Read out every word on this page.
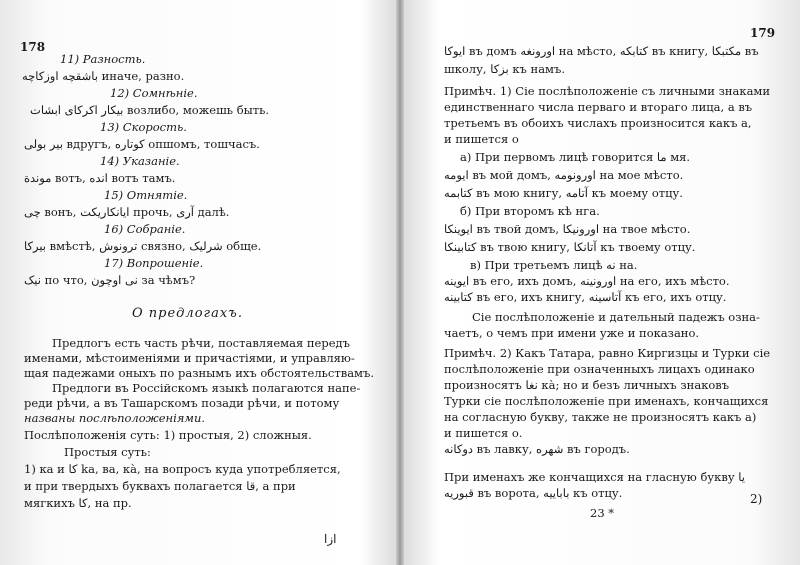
178
11) Разность.
باشقچه اوزکاچه иначе, разно.
12) Сомнѣніе.
بیکار اکرکای ابشات возлибо, можешь быть.
13) Скорость.
بیر بولی вдругъ, کوتاره опшомъ, тошчасъ.
14) Указаніе.
موندة вотъ, انده вотъ тамъ.
15) Отнятіе.
چی вонъ, ایانکاریکت прочь, آری далѣ.
16) Собраніе.
بیرکا вмѣстѣ, ترونوش связно, شرلیک обще.
17) Вопрошеніе.
نیک по что, نی اوچون за чѣмъ?
О предлогахъ.
Предлогъ есть часть рѣчи, поставляемая передъ
именами, мѣстоименіями и причастіями, и управляю-
щая падежами оныхъ по разнымъ ихъ обстоятельствамъ.
Предлоги въ Россійскомъ языкѣ полагаются напе-
реди рѣчи, а въ Ташарскомъ позади рѣчи, и потому
названы послѣположеніями.
Послѣположенія суть: 1) простыя, 2) сложныя.
Простыя суть:
1) ка и كا kа, ва, кà, на вопросъ куда употребляется,
и при твердыхъ буквахъ полагается قا, а при
мягкихъ كا, на пр.
ازا
179
ایوکا въ домъ اورونغه на мѣсто, کتابکه въ книгу, مکتبکا въ
школу, بزکا къ намъ.
Примѣч. 1) Сіе послѣположеніе съ личными знаками
единственнаго числа перваго и втораго лица, а въ
третьемъ въ обоихъ числахъ произносится какъ а,
и пишется о
а) При первомъ лицѣ говорится ما мя.
ایومه въ мой домъ, اورونومه на мое мѣсто.
کتابمه въ мою книгу, آتامه къ моему отцу.
б) При второмъ кѣ нга.
ایوینکا въ твой домъ, اورونیکا на твое мѣсто.
کتابینکا въ твою книгу, آتانکا къ твоему отцу.
в) При третьемъ лицѣ نه на.
ایوینه въ его, ихъ домъ, اورونینه на его, ихъ мѣсто.
کتابینه въ его, ихъ книгу, آتاسینه къ его, ихъ отцу.
Сіе послѣположеніе и дательный падежъ озна-
чаетъ, о чемъ при имени уже и показано.
Примѣч. 2) Какъ Татара, равно Киргизцы и Турки сіе
послѣположеніе при означенныхъ лицахъ одинако
произносятъ نغا кà; но и безъ личныхъ знаковъ
Турки сіе послѣположеніе при именахъ, кончащихся
на согласную букву, также не произносятъ какъ а)
и пишется о.
دوکانه въ лавку, شهره въ городъ.
При именахъ же кончащихся на гласную букву يا
قبوریه въ ворота, باباییه къ отцу.
23 *
2)
